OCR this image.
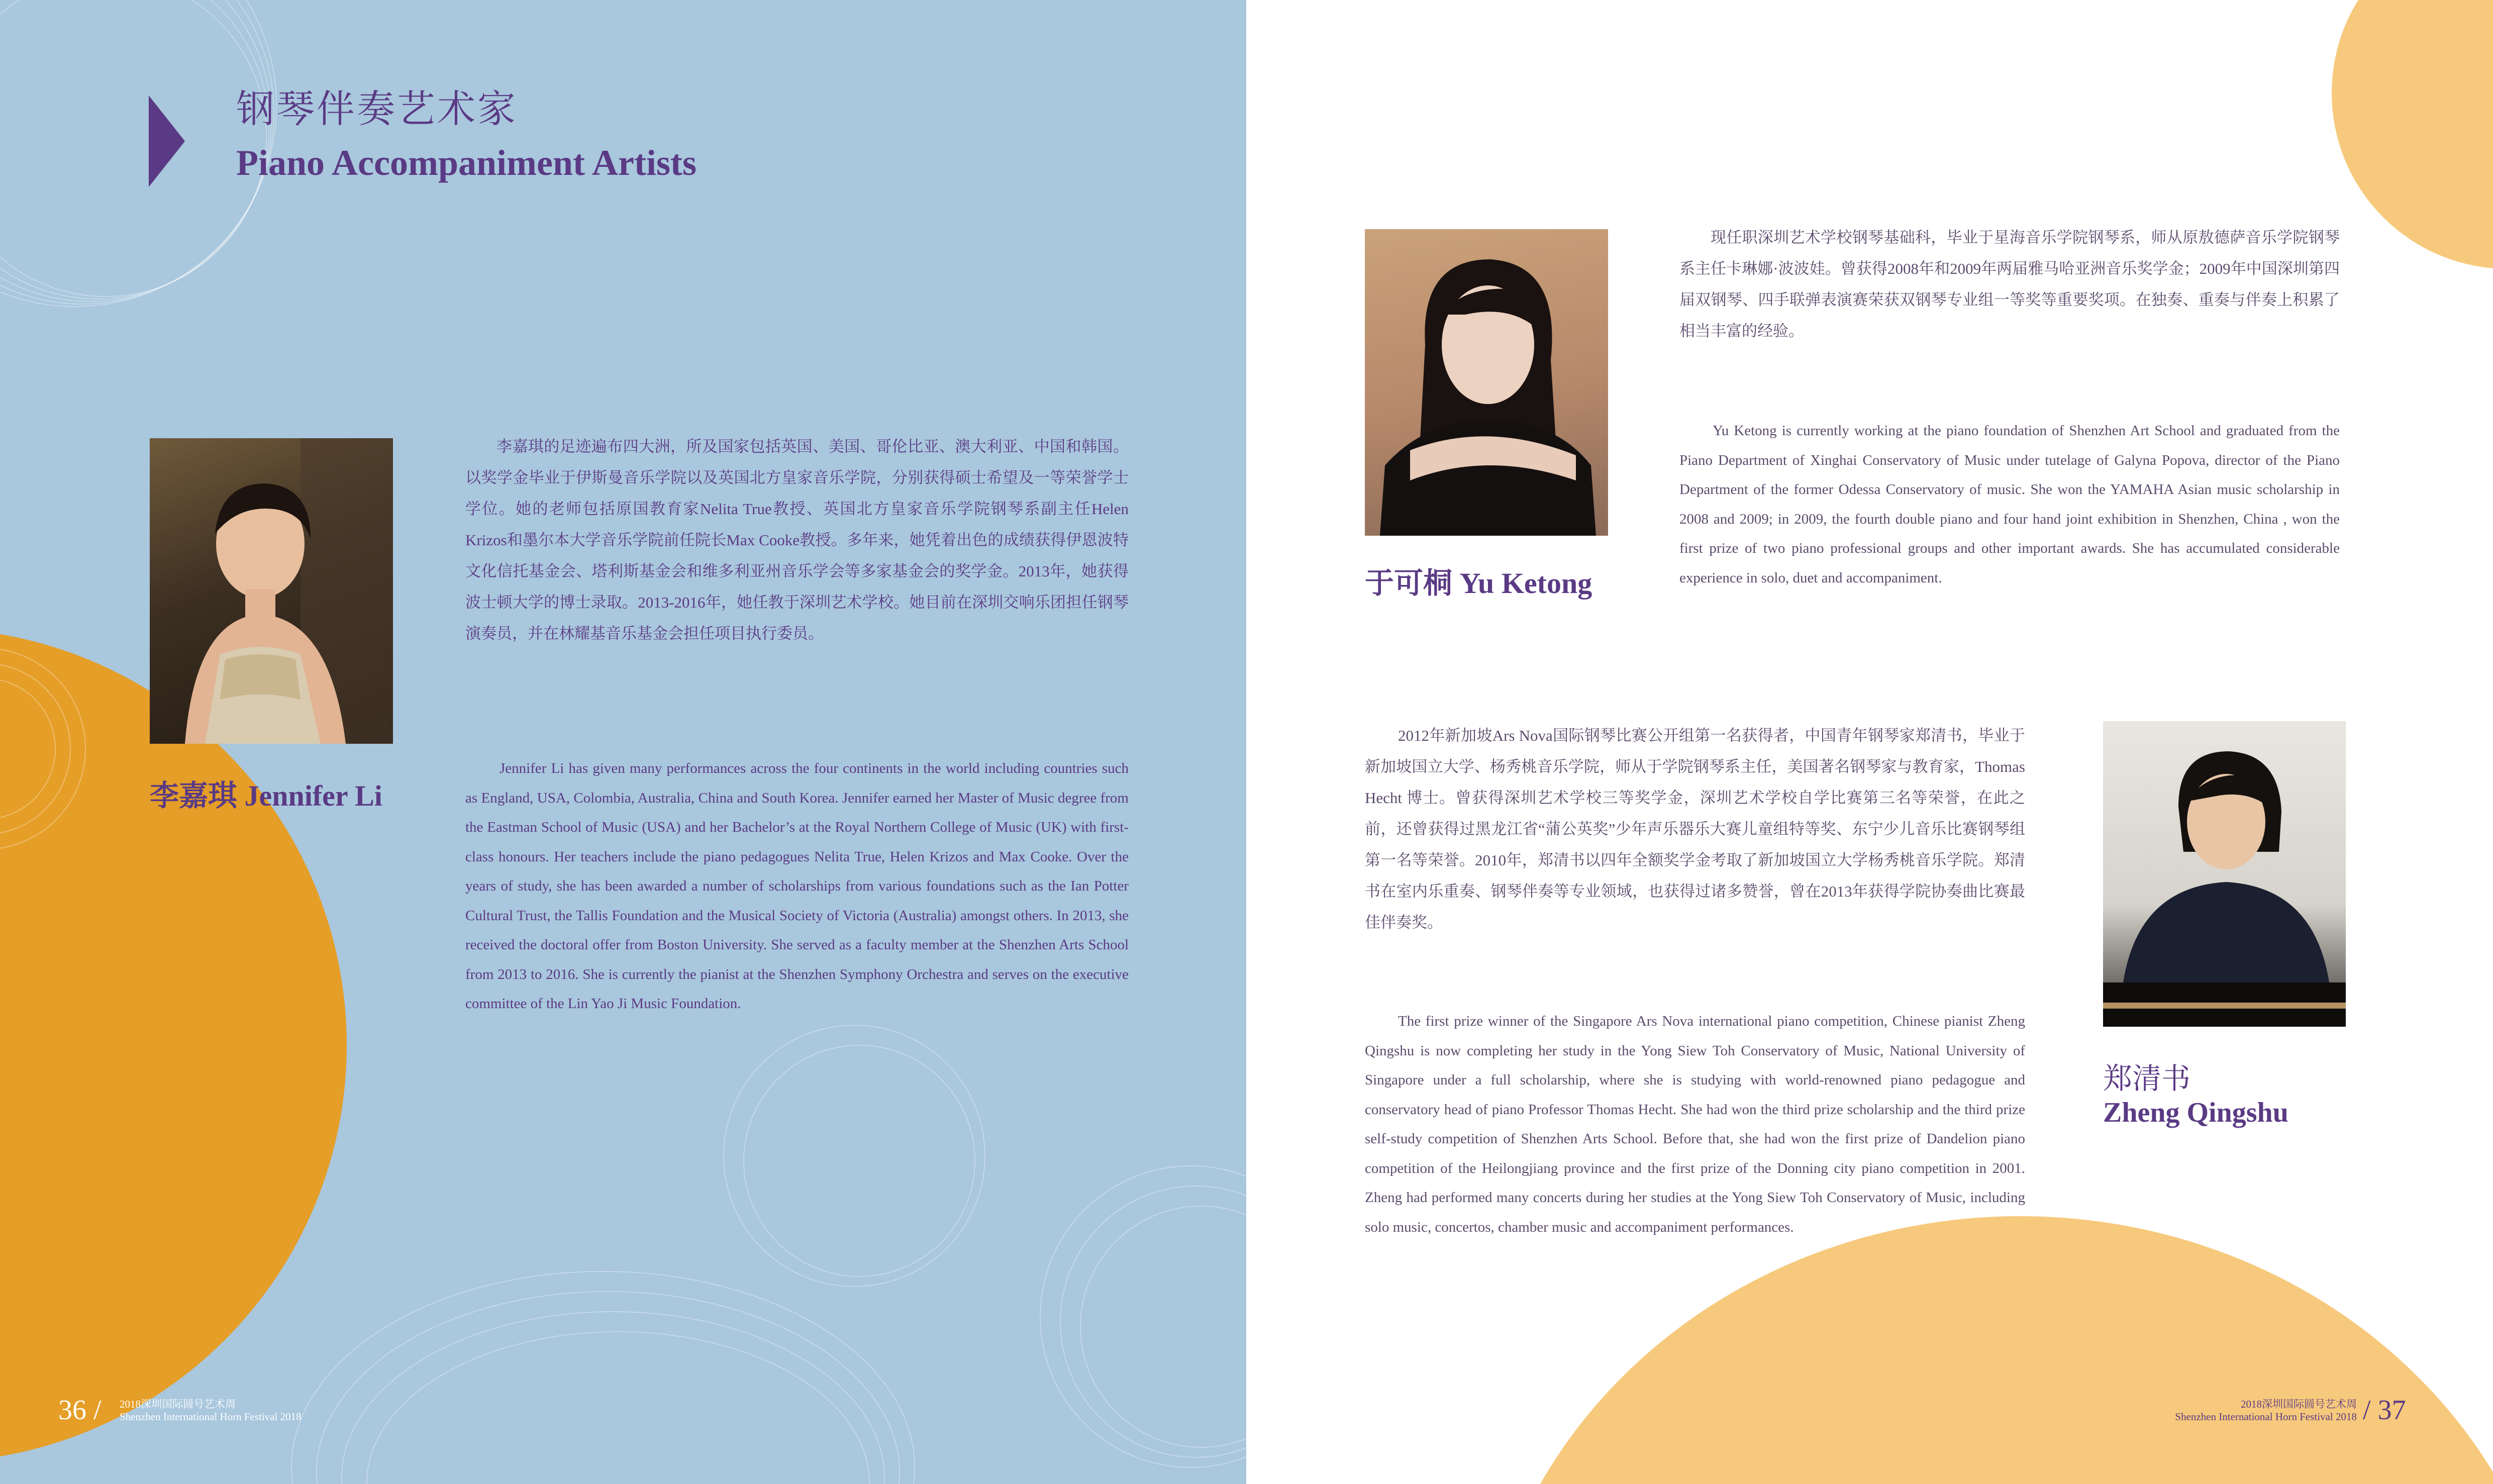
钢琴伴奏艺术家
Piano Accompaniment Artists
李嘉琪 Jennifer Li
李嘉琪的足迹遍布四大洲，所及国家包括英国、美国、哥伦比亚、澳大利亚、中国和韩国。以奖学金毕业于伊斯曼音乐学院以及英国北方皇家音乐学院，分别获得硕士希望及一等荣誉学士学位。她的老师包括原国教育家Nelita True教授、英国北方皇家音乐学院钢琴系副主任Helen Krizos和墨尔本大学音乐学院前任院长Max Cooke教授。多年来，她凭着出色的成绩获得伊恩波特文化信托基金会、塔利斯基金会和维多利亚州音乐学会等多家基金会的奖学金。2013年，她获得波士顿大学的博士录取。2013-2016年，她任教于深圳艺术学校。她目前在深圳交响乐团担任钢琴演奏员，并在林耀基音乐基金会担任项目执行委员。
Jennifer Li has given many performances across the four continents in the world including countries such as England, USA, Colombia, Australia, China and South Korea. Jennifer earned her Master of Music degree from the Eastman School of Music (USA) and her Bachelor’s at the Royal Northern College of Music (UK) with first-class honours. Her teachers include the piano pedagogues Nelita True, Helen Krizos and Max Cooke. Over the years of study, she has been awarded a number of scholarships from various foundations such as the Ian Potter Cultural Trust, the Tallis Foundation and the Musical Society of Victoria (Australia) amongst others. In 2013, she received the doctoral offer from Boston University. She served as a faculty member at the Shenzhen Arts School from 2013 to 2016. She is currently the pianist at the Shenzhen Symphony Orchestra and serves on the executive committee of the Lin Yao Ji Music Foundation.
36 / 2018深圳国际圆号艺术周
Shenzhen International Horn Festival 2018
于可桐 Yu Ketong
现任职深圳艺术学校钢琴基础科，毕业于星海音乐学院钢琴系，师从原敖德萨音乐学院钢琴系主任卡琳娜·波波娃。曾获得2008年和2009年两届雅马哈亚洲音乐奖学金；2009年中国深圳第四届双钢琴、四手联弹表演赛荣获双钢琴专业组一等奖等重要奖项。在独奏、重奏与伴奏上积累了相当丰富的经验。
Yu Ketong is currently working at the piano foundation of Shenzhen Art School and graduated from the Piano Department of Xinghai Conservatory of Music under tutelage of Galyna Popova, director of the Piano Department of the former Odessa Conservatory of music. She won the YAMAHA Asian music scholarship in 2008 and 2009; in 2009, the fourth double piano and four hand joint exhibition in Shenzhen, China , won the first prize of two piano professional groups and other important awards. She has accumulated considerable experience in solo, duet and accompaniment.
2012年新加坡Ars Nova国际钢琴比赛公开组第一名获得者，中国青年钢琴家郑清书，毕业于新加坡国立大学、杨秀桃音乐学院，师从于学院钢琴系主任，美国著名钢琴家与教育家，Thomas Hecht 博士。曾获得深圳艺术学校三等奖学金，深圳艺术学校自学比赛第三名等荣誉，在此之前，还曾获得过黑龙江省“蒲公英奖”少年声乐器乐大赛儿童组特等奖、东宁少儿音乐比赛钢琴组第一名等荣誉。2010年，郑清书以四年全额奖学金考取了新加坡国立大学杨秀桃音乐学院。郑清书在室内乐重奏、钢琴伴奏等专业领域，也获得过诸多赞誉，曾在2013年获得学院协奏曲比赛最佳伴奏奖。
The first prize winner of the Singapore Ars Nova international piano competition, Chinese pianist Zheng Qingshu is now completing her study in the Yong Siew Toh Conservatory of Music, National University of Singapore under a full scholarship, where she is studying with world-renowned piano pedagogue and conservatory head of piano Professor Thomas Hecht. She had won the third prize scholarship and the third prize self-study competition of Shenzhen Arts School. Before that, she had won the first prize of Dandelion piano competition of the Heilongjiang province and the first prize of the Donning city piano competition in 2001. Zheng had performed many concerts during her studies at the Yong Siew Toh Conservatory of Music, including solo music, concertos, chamber music and accompaniment performances.
郑清书
Zheng Qingshu
2018深圳国际圆号艺术周
Shenzhen International Horn Festival 2018 / 37
